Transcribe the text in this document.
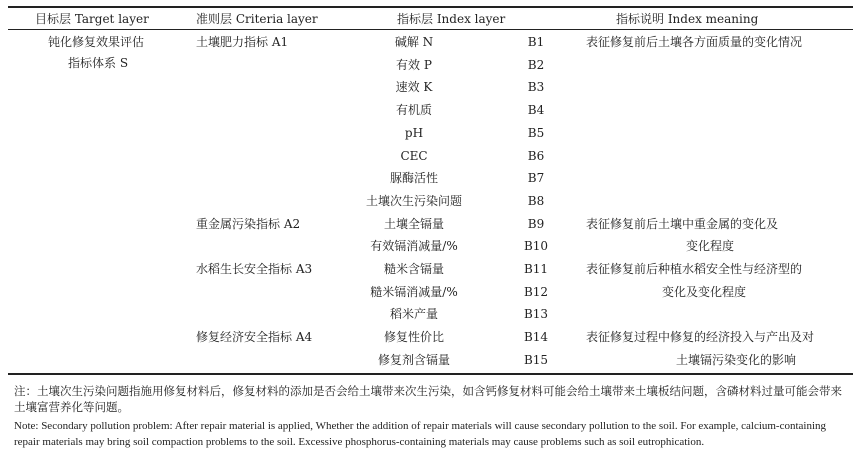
目标层 Target layer	准则层 Criteria layer	指标层 Index layer	指标说明 Index meaning
钝化修复效果评估
指标体系 S
土壤肥力指标 A1	碱解 N	B1	表征修复前后土壤各方面质量的变化情况
有效 P	B2
速效 K	B3
有机质	B4
pH	B5
CEC	B6
脲酶活性	B7
土壤次生污染问题	B8
重金属污染指标 A2	土壤全镉量	B9	表征修复前后土壤中重金属的变化及
有效镉消减量/%	B10	变化程度
水稻生长安全指标 A3	糙米含镉量	B11	表征修复前后种植水稻安全性与经济型的
糙米镉消减量/%	B12	变化及变化程度
稻米产量	B13
修复经济安全指标 A4	修复性价比	B14	表征修复过程中修复的经济投入与产出及对
修复剂含镉量	B15	土壤镉污染变化的影响

注：土壤次生污染问题指施用修复材料后，修复材料的添加是否会给土壤带来次生污染，如含钙修复材料可能会给土壤带来土壤板结问题，含磷材料过量可能会带来土壤富营养化等问题。

Note: Secondary pollution problem: After repair material is applied, Whether the addition of repair materials will cause secondary pollution to the soil. For example, calcium-containing repair materials may bring soil compaction problems to the soil. Excessive phosphorus-containing materials may cause problems such as soil eutrophication.
